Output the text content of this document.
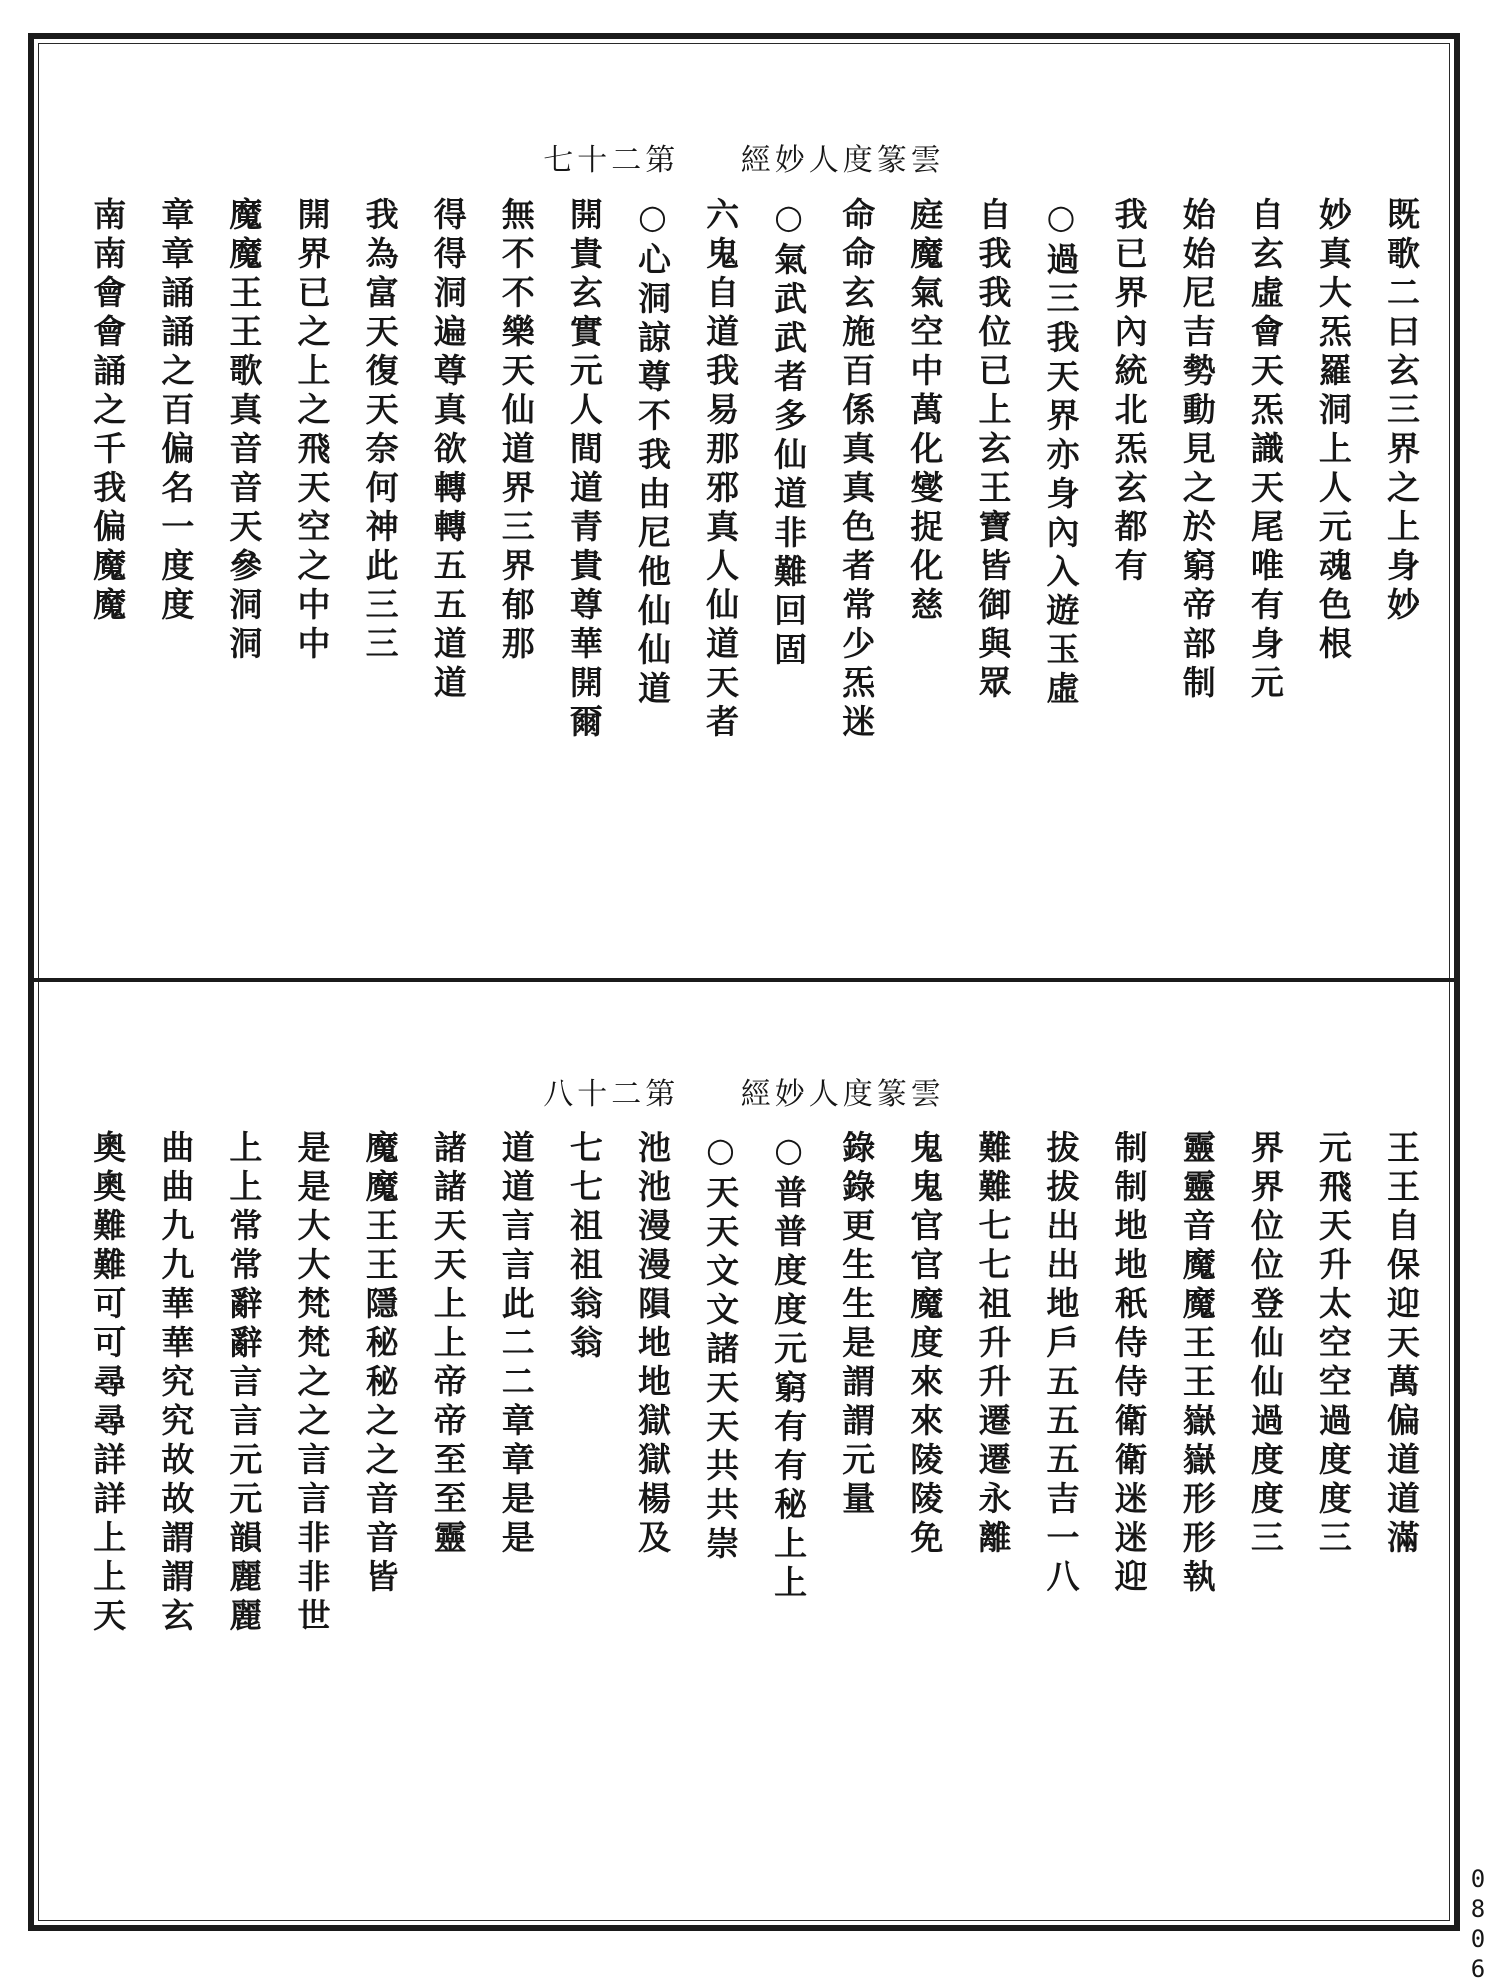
七十二第 經妙人度篆雲
既歌二曰玄三界之上身妙
妙真大炁羅洞上人元魂色根
自玄虛會天炁識天尾唯有身元
始始尼吉勢動見之於窮帝部制
我已界內統北炁玄都有
○過三我天界亦身內入遊玉虛
自我我位已上玄王寶皆御與眾
庭魔氣空中萬化燮捉化慈
命命玄施百係真真色者常少炁迷
○氣武武者多仙道非難回固
六鬼自道我易那邪真人仙道天者
○心洞諒尊不我由尼他仙仙道
開貴玄實元人間道青貴尊華開爾
無不不樂天仙道界三界郁那
得得洞遍尊真欲轉轉五五道道
我為富天復天奈何神此三三
開界已之上之飛天空之中中
魔魔王王歌真音音天參洞洞
章章誦誦之百偏名一度度
南南會會誦之千我偏魔魔
八十二第 經妙人度篆雲
王王自保迎天萬偏道道滿
元飛天升太空空過度度三
界界位位登仙仙過度度三
靈靈音魔魔王王嶽嶽形形執
制制地地秖侍侍衛衛迷迷迎
拔拔出出地戶五五五吉一八
難難七七祖升升遷遷永離
鬼鬼官官魔度來來陵陵免
錄錄更生生是謂謂元量
○普普度度元窮有有秘上上
○天天文文諸天天共共崇
池池漫漫隕地地獄獄楊及
七七祖祖翁翁
道道言言此二二章章是是
諸諸天天上上帝帝至至靈
魔魔王王隱秘秘之之音音皆
是是大大梵梵之之言言非非世
上上常常辭辭言言元元韻麗麗
曲曲九九華華究究故故謂謂玄
奧奧難難可可尋尋詳詳上上天
0806
